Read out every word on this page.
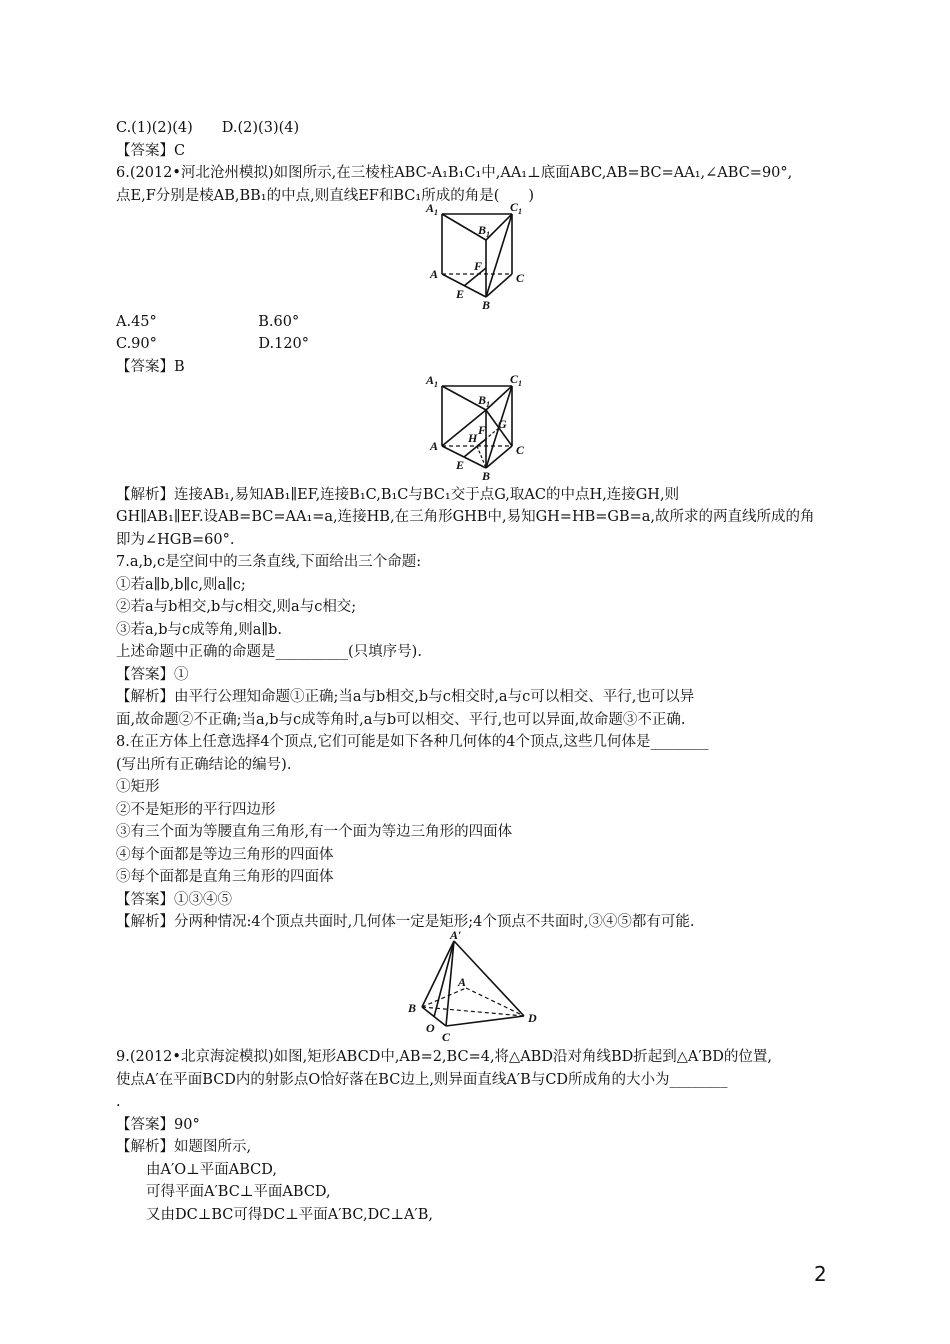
C.(1)(2)(4)　　D.(2)(3)(4)
【答案】C
6.(2012•河北沧州模拟)如图所示,在三棱柱ABC-A₁B₁C₁中,AA₁⊥底面ABC,AB=BC=AA₁,∠ABC=90°,
点E,F分别是棱AB,BB₁的中点,则直线EF和BC₁所成的角是(　　)
A 1
B 1
C 1
A
E
B
C
F
A.45°　　　　　　　B.60°
C.90°　　　　　　　D.120°
【答案】B
A 1
B 1
C 1
A
H
F G
E
B
C
【解析】连接AB₁,易知AB₁∥EF,连接B₁C,B₁C与BC₁交于点G,取AC的中点H,连接GH,则
GH∥AB₁∥EF.设AB=BC=AA₁=a,连接HB,在三角形GHB中,易知GH=HB=GB=a,故所求的两直线所成的角
即为∠HGB=60°.
7.a,b,c是空间中的三条直线,下面给出三个命题:
①若a∥b,b∥c,则a∥c;
②若a与b相交,b与c相交,则a与c相交;
③若a,b与c成等角,则a∥b.
上述命题中正确的命题是__________(只填序号).
【答案】①
【解析】由平行公理知命题①正确;当a与b相交,b与c相交时,a与c可以相交、平行,也可以异
面,故命题②不正确;当a,b与c成等角时,a与b可以相交、平行,也可以异面,故命题③不正确.
8.在正方体上任意选择4个顶点,它们可能是如下各种几何体的4个顶点,这些几何体是________
(写出所有正确结论的编号).
①矩形
②不是矩形的平行四边形
③有三个面为等腰直角三角形,有一个面为等边三角形的四面体
④每个面都是等边三角形的四面体
⑤每个面都是直角三角形的四面体
【答案】①③④⑤
【解析】分两种情况:4个顶点共面时,几何体一定是矩形;4个顶点不共面时,③④⑤都有可能.
A′
A
B
O
C
D
9.(2012•北京海淀模拟)如图,矩形ABCD中,AB=2,BC=4,将△ABD沿对角线BD折起到△A′BD的位置,
使点A′在平面BCD内的射影点O恰好落在BC边上,则异面直线A′B与CD所成角的大小为________
.
【答案】90°
【解析】如题图所示,
由A′O⊥平面ABCD,
可得平面A′BC⊥平面ABCD,
又由DC⊥BC可得DC⊥平面A′BC,DC⊥A′B,
2
